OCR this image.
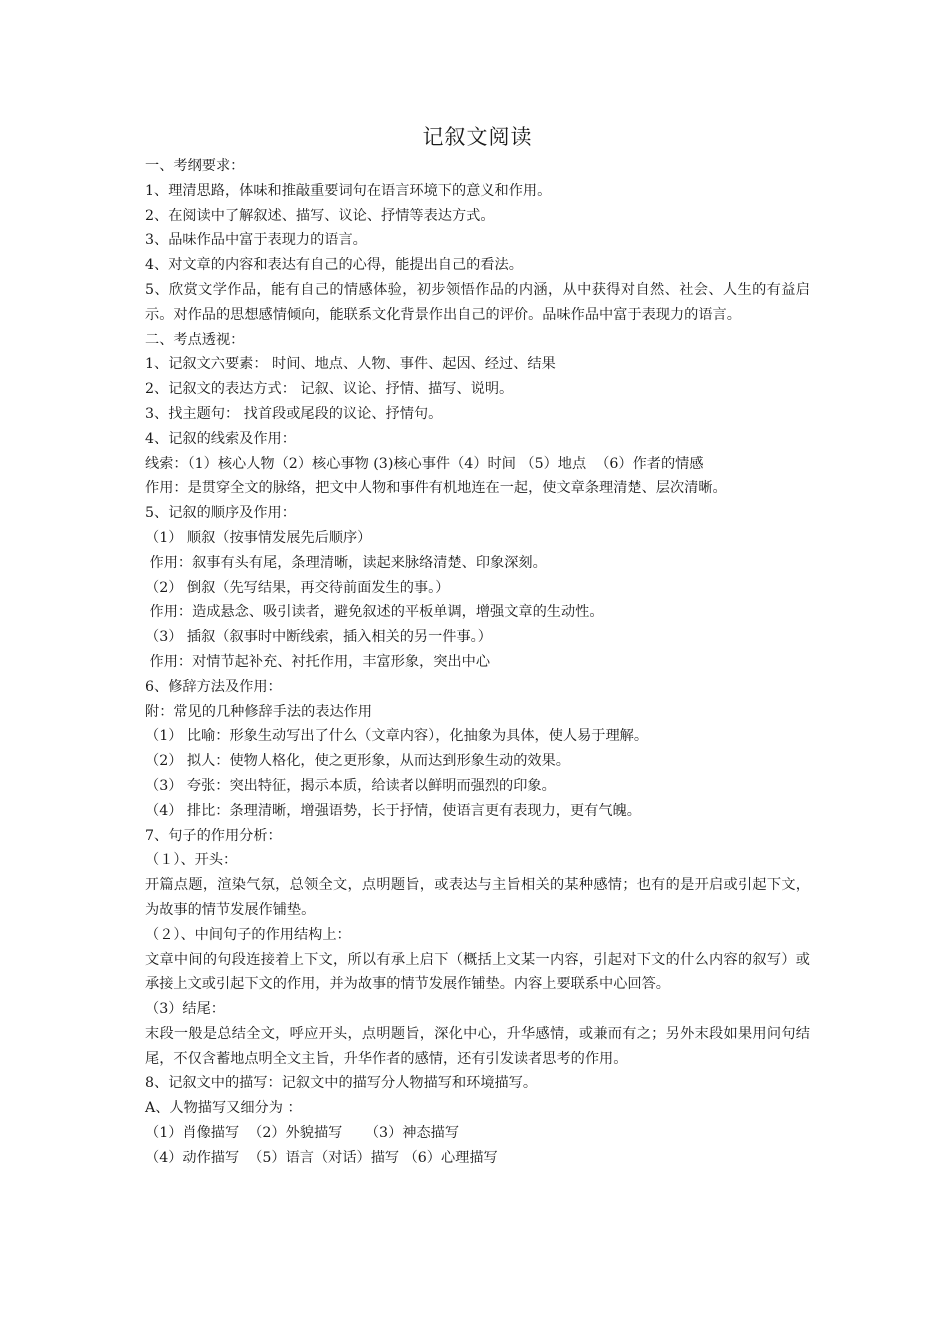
记叙文阅读
一、考纲要求：
1、理清思路，体味和推敲重要词句在语言环境下的意义和作用。
2、在阅读中了解叙述、描写、议论、抒情等表达方式。
3、品味作品中富于表现力的语言。
4、对文章的内容和表达有自己的心得，能提出自己的看法。
5、欣赏文学作品，能有自己的情感体验，初步领悟作品的内涵，从中获得对自然、社会、人生的有益启示。对作品的思想感情倾向，能联系文化背景作出自己的评价。品味作品中富于表现力的语言。
二、考点透视：
1、记叙文六要素： 时间、地点、人物、事件、起因、经过、结果
2、记叙文的表达方式： 记叙、议论、抒情、描写、说明。
3、找主题句： 找首段或尾段的议论、抒情句。
4、记叙的线索及作用：
线索：（1）核心人物（2）核心事物 (3)核心事件（4）时间 （5）地点  （6）作者的情感
作用：是贯穿全文的脉络，把文中人物和事件有机地连在一起，使文章条理清楚、层次清晰。
5、记叙的顺序及作用：
（1） 顺叙（按事情发展先后顺序）
作用：叙事有头有尾，条理清晰，读起来脉络清楚、印象深刻。
（2） 倒叙（先写结果，再交待前面发生的事。）
作用：造成悬念、吸引读者，避免叙述的平板单调，增强文章的生动性。
（3） 插叙（叙事时中断线索，插入相关的另一件事。）
作用：对情节起补充、衬托作用，丰富形象，突出中心
6、修辞方法及作用：
附：常见的几种修辞手法的表达作用
（1） 比喻：形象生动写出了什么（文章内容），化抽象为具体，使人易于理解。
（2） 拟人：使物人格化，使之更形象，从而达到形象生动的效果。
（3） 夸张：突出特征，揭示本质，给读者以鲜明而强烈的印象。
（4） 排比：条理清晰，增强语势，长于抒情，使语言更有表现力，更有气魄。
7、句子的作用分析：
（１）、开头：
开篇点题，渲染气氛，总领全文，点明题旨，或表达与主旨相关的某种感情；也有的是开启或引起下文，为故事的情节发展作铺垫。
（２）、中间句子的作用结构上：
文章中间的句段连接着上下文，所以有承上启下（概括上文某一内容，引起对下文的什么内容的叙写）或承接上文或引起下文的作用，并为故事的情节发展作铺垫。内容上要联系中心回答。
（3）结尾：
末段一般是总结全文，呼应开头，点明题旨，深化中心，升华感情，或兼而有之；另外末段如果用问句结尾，不仅含蓄地点明全文主旨，升华作者的感情，还有引发读者思考的作用。
8、记叙文中的描写：记叙文中的描写分人物描写和环境描写。
A、人物描写又细分为 ：
（1）肖像描写  （2）外貌描写     （3）神态描写
（4）动作描写  （5）语言（对话）描写 （6）心理描写
